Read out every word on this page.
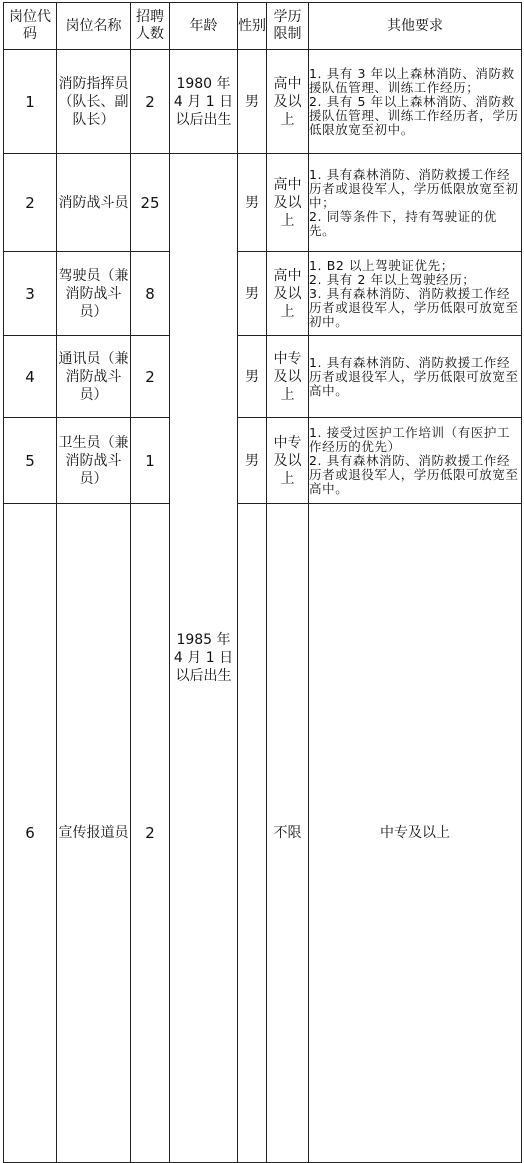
岗位代码	岗位名称	招聘人数	年龄	性别	学历限制	其他要求	
1	消防指挥员（队长、副队长）	2	1980 年 4 月 1 日以后出生	男	高中及以上	1. 具有 3 年以上森林消防、消防救援队伍管理、训练工作经历；
2. 具有 5 年以上森林消防、消防救援队伍管理、训练工作经历者，学历低限放宽至初中。	

2	消防战斗员	25	1985 年 4 月 1 日以后出生	男	高中及以上	1. 具有森林消防、消防救援工作经历者或退役军人，学历低限放宽至初中；
2. 同等条件下，持有驾驶证的优先。	

3	驾驶员（兼消防战斗员）	8		男	高中及以上	1. B2 以上驾驶证优先；
2. 具有 2 年以上驾驶经历；
3. 具有森林消防、消防救援工作经历者或退役军人，学历低限可放宽至初中。	

4	通讯员（兼消防战斗员）	2		男	中专及以上	1. 具有森林消防、消防救援工作经历者或退役军人，学历低限可放宽至高中。	

5	卫生员（兼消防战斗员）	1		男	中专及以上	1. 接受过医护工作培训（有医护工作经历的优先）
2. 具有森林消防、消防救援工作经历者或退役军人，学历低限可放宽至高中。	

6	宣传报道员	2			不限	中专及以上	
